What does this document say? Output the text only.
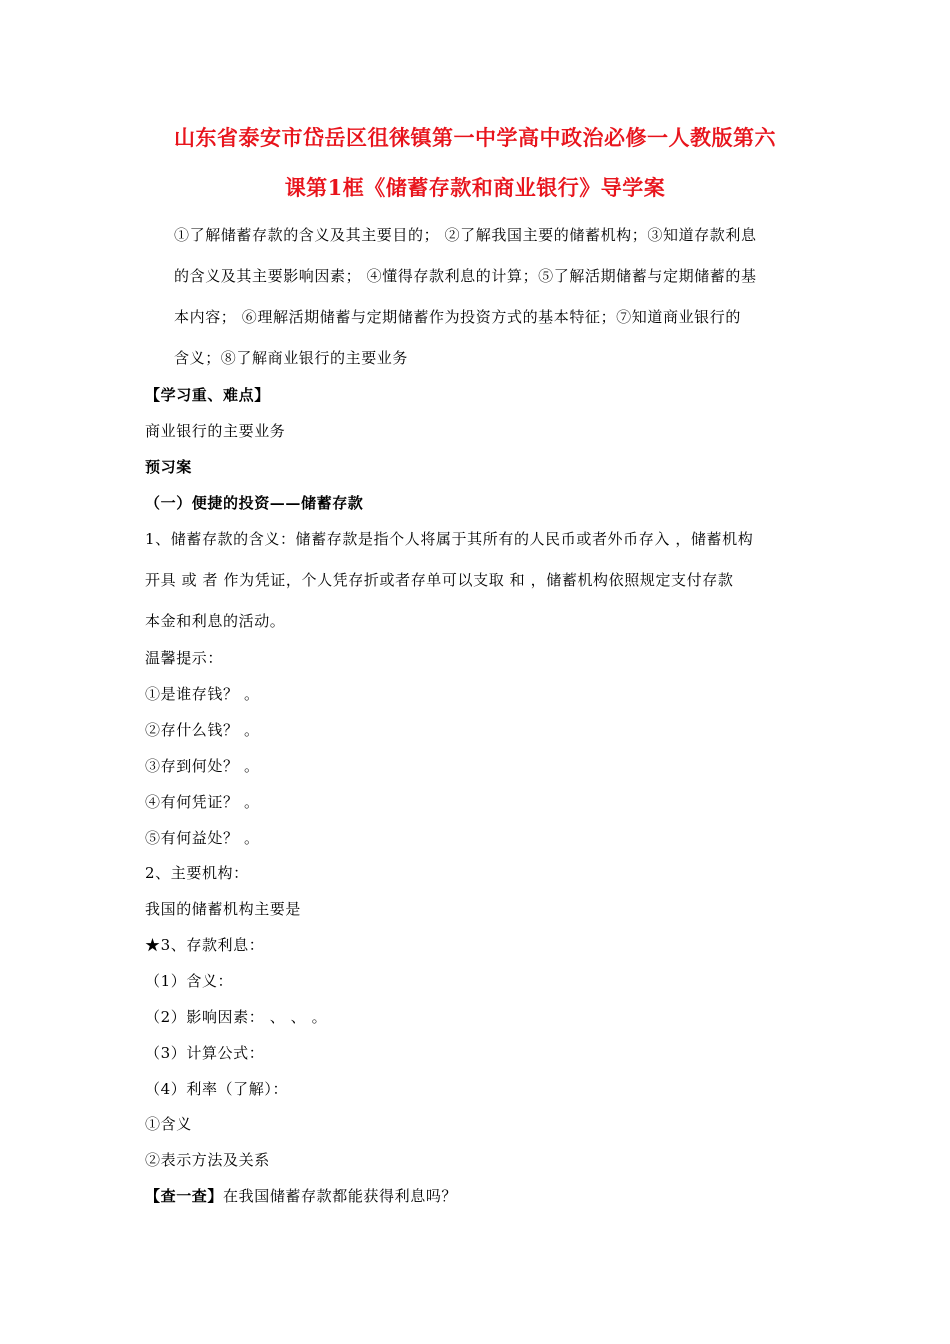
山东省泰安市岱岳区徂徕镇第一中学高中政治必修一人教版第六
课第1框《储蓄存款和商业银行》导学案
①了解储蓄存款的含义及其主要目的； ②了解我国主要的储蓄机构；③知道存款利息
的含义及其主要影响因素； ④懂得存款利息的计算；⑤了解活期储蓄与定期储蓄的基
本内容； ⑥理解活期储蓄与定期储蓄作为投资方式的基本特征；⑦知道商业银行的
含义；⑧了解商业银行的主要业务
【学习重、难点】
商业银行的主要业务
预习案
（一）便捷的投资——储蓄存款
1、储蓄存款的含义：储蓄存款是指个人将属于其所有的人民币或者外币存入 ，储蓄机构
开具 或 者 作为凭证，个人凭存折或者存单可以支取 和 ，储蓄机构依照规定支付存款
本金和利息的活动。
温馨提示：
①是谁存钱？ 。
②存什么钱？ 。
③存到何处？ 。
④有何凭证？ 。
⑤有何益处？ 。
2、主要机构：
我国的储蓄机构主要是
★3、存款利息：
（1）含义：
（2）影响因素： 、 、 。
（3）计算公式：
（4）利率（了解）：
①含义
②表示方法及关系
【查一查】在我国储蓄存款都能获得利息吗？
